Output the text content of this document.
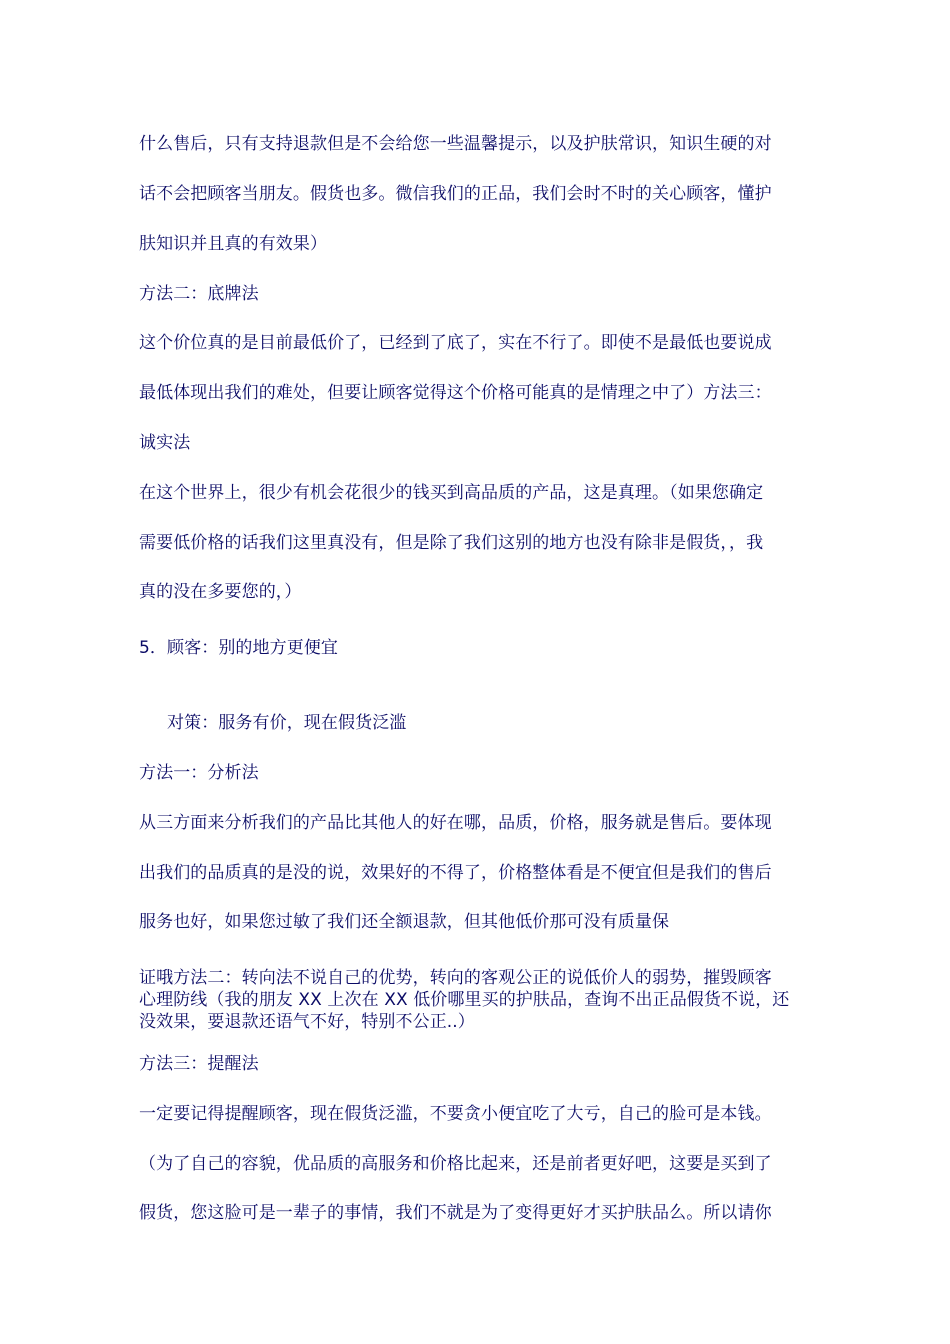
什么售后，只有支持退款但是不会给您一些温馨提示，以及护肤常识，知识生硬的对
话不会把顾客当朋友。假货也多。微信我们的正品，我们会时不时的关心顾客，懂护
肤知识并且真的有效果）
方法二：底牌法
这个价位真的是目前最低价了，已经到了底了，实在不行了。即使不是最低也要说成
最低体现出我们的难处，但要让顾客觉得这个价格可能真的是情理之中了）方法三：
诚实法
在这个世界上，很少有机会花很少的钱买到高品质的产品，这是真理。（如果您确定
需要低价格的话我们这里真没有，但是除了我们这别的地方也没有除非是假货，，我
真的没在多要您的，）
5．顾客：别的地方更便宜
对策：服务有价，现在假货泛滥
方法一：分析法
从三方面来分析我们的产品比其他人的好在哪，品质，价格，服务就是售后。要体现
出我们的品质真的是没的说，效果好的不得了，价格整体看是不便宜但是我们的售后
服务也好，如果您过敏了我们还全额退款，但其他低价那可没有质量保
证哦方法二：转向法不说自己的优势，转向的客观公正的说低价人的弱势，摧毁顾客
心理防线（我的朋友 XX 上次在 XX 低价哪里买的护肤品，查询不出正品假货不说，还
没效果，要退款还语气不好，特别不公正..）
方法三：提醒法
一定要记得提醒顾客，现在假货泛滥，不要贪小便宜吃了大亏，自己的脸可是本钱。
（为了自己的容貌，优品质的高服务和价格比起来，还是前者更好吧，这要是买到了
假货，您这脸可是一辈子的事情，我们不就是为了变得更好才买护肤品么。所以请你
